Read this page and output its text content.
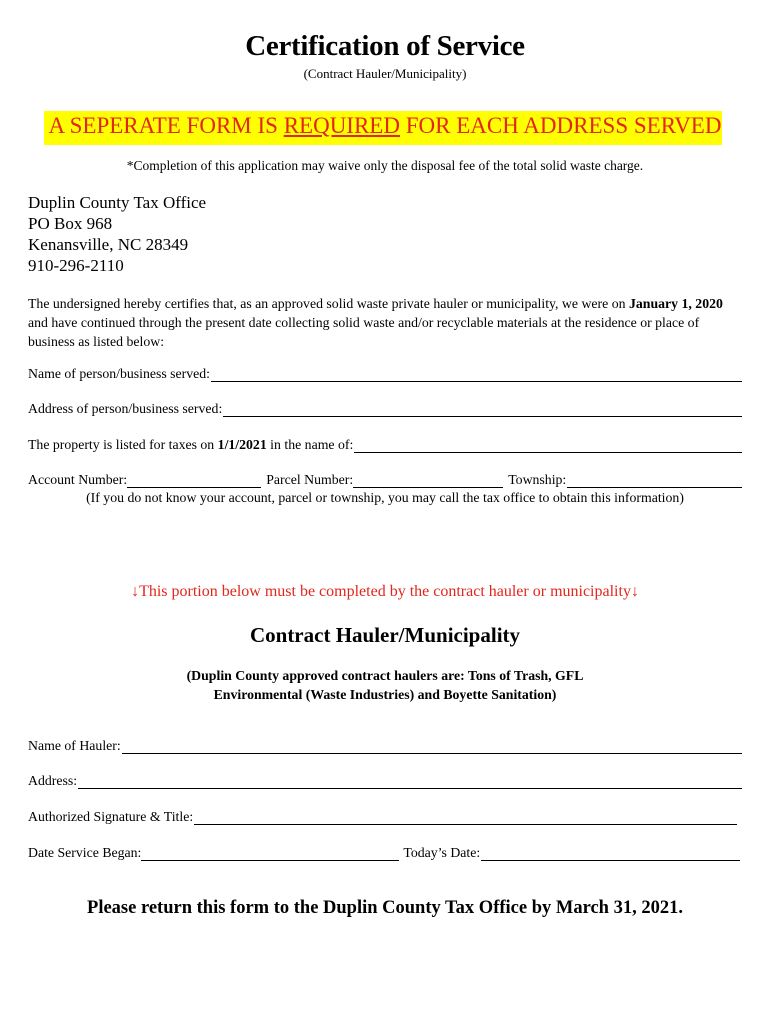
Certification of Service
(Contract Hauler/Municipality)
A SEPERATE FORM IS REQUIRED FOR EACH ADDRESS SERVED
*Completion of this application may waive only the disposal fee of the total solid waste charge.
Duplin County Tax Office
PO Box 968
Kenansville, NC 28349
910-296-2110
The undersigned hereby certifies that, as an approved solid waste private hauler or municipality, we were on January 1, 2020 and have continued through the present date collecting solid waste and/or recyclable materials at the residence or place of business as listed below:
Name of person/business served:
Address of person/business served:
The property is listed for taxes on 1/1/2021 in the name of:
Account Number:	Parcel Number:	Township:
(If you do not know your account, parcel or township, you may call the tax office to obtain this information)
↓This portion below must be completed by the contract hauler or municipality↓
Contract Hauler/Municipality
(Duplin County approved contract haulers are: Tons of Trash, GFL
Environmental (Waste Industries) and Boyette Sanitation)
Name of Hauler:
Address:
Authorized Signature & Title:
Date Service Began:	Today’s Date:
Please return this form to the Duplin County Tax Office by March 31, 2021.
